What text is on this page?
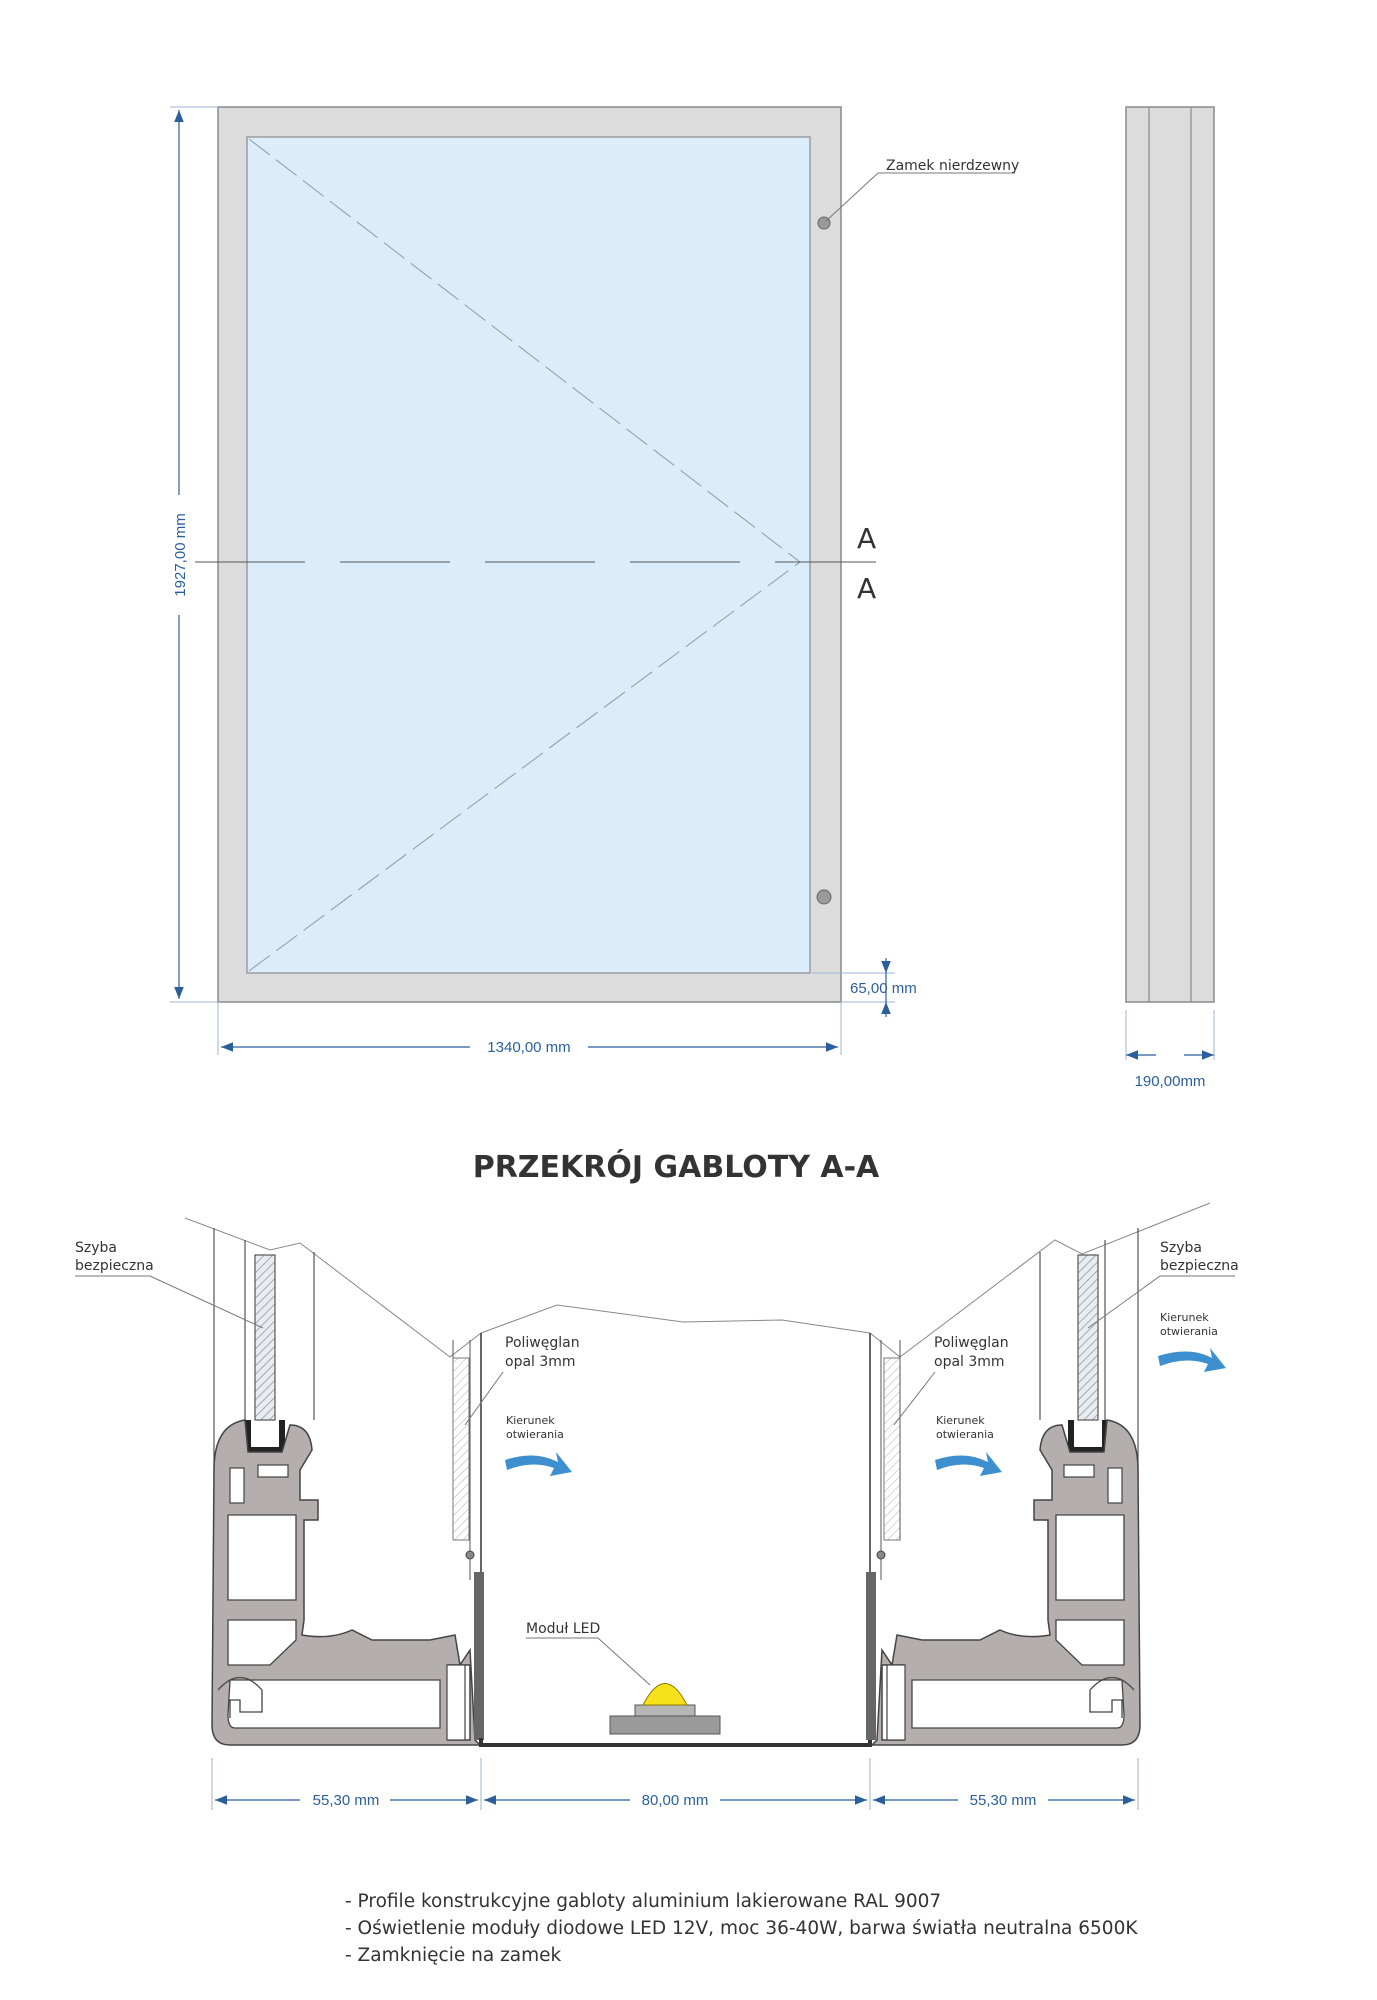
A
A
Zamek nierdzewny
1927,00 mm
1340,00 mm
65,00 mm
190,00mm
PRZEKRÓJ GABLOTY A-A
Moduł LED
Szyba
bezpieczna
Szyba
bezpieczna
Poliwęglan
opal 3mm
Poliwęglan
opal 3mm
Kierunek
otwierania
Kierunek
otwierania
Kierunek
otwierania
55,30 mm	80,00 mm	55,30 mm
- Profile konstrukcyjne gabloty aluminium lakierowane RAL 9007
- Oświetlenie moduły diodowe LED 12V, moc 36-40W, barwa światła neutralna 6500K
- Zamknięcie na zamek
